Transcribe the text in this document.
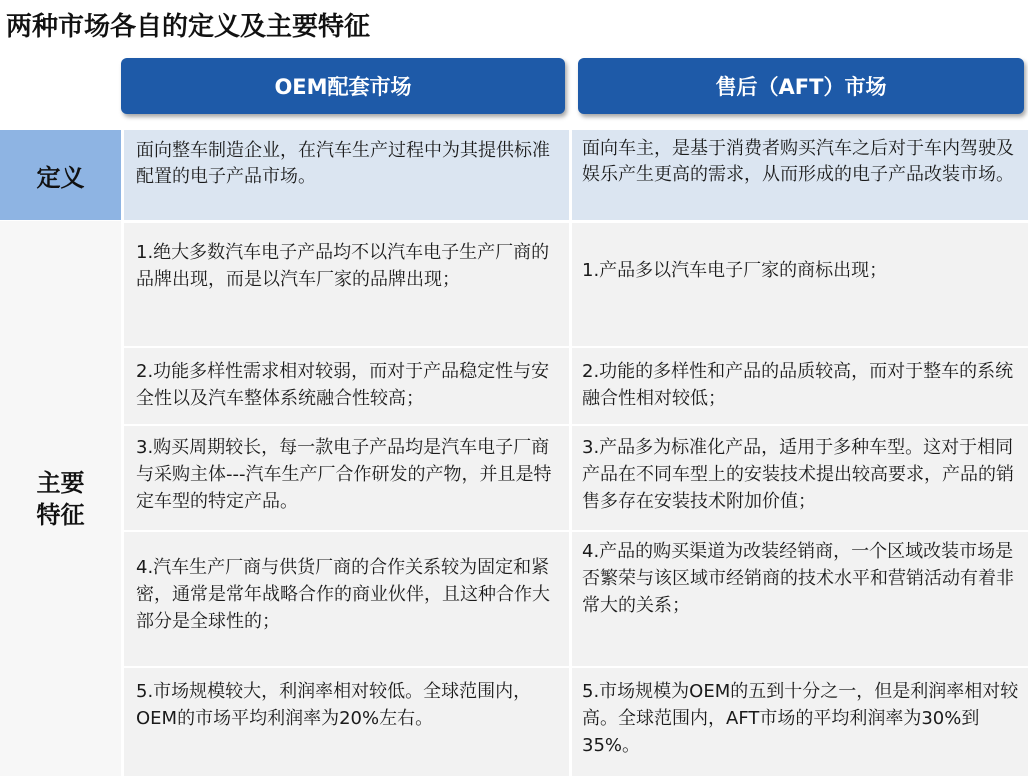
两种市场各自的定义及主要特征
OEM配套市场	售后（AFT）市场
定义
面向整车制造企业，在汽车生产过程中为其提供标准配置的电子产品市场。
面向车主，是基于消费者购买汽车之后对于车内驾驶及娱乐产生更高的需求，从而形成的电子产品改装市场。
主要特征
1.绝大多数汽车电子产品均不以汽车电子生产厂商的品牌出现，而是以汽车厂家的品牌出现；	1.产品多以汽车电子厂家的商标出现；
2.功能多样性需求相对较弱，而对于产品稳定性与安全性以及汽车整体系统融合性较高；
2.功能的多样性和产品的品质较高，而对于整车的系统融合性相对较低；
3.购买周期较长，每一款电子产品均是汽车电子厂商与采购主体---汽车生产厂合作研发的产物，并且是特定车型的特定产品。
3.产品多为标准化产品，适用于多种车型。这对于相同产品在不同车型上的安装技术提出较高要求，产品的销售多存在安装技术附加价值；
4.汽车生产厂商与供货厂商的合作关系较为固定和紧密，通常是常年战略合作的商业伙伴，且这种合作大部分是全球性的；
4.产品的购买渠道为改装经销商，一个区域改装市场是否繁荣与该区域市经销商的技术水平和营销活动有着非常大的关系；
5.市场规模较大，利润率相对较低。全球范围内，OEM的市场平均利润率为20%左右。
5.市场规模为OEM的五到十分之一，但是利润率相对较高。全球范围内，AFT市场的平均利润率为30%到35%。
